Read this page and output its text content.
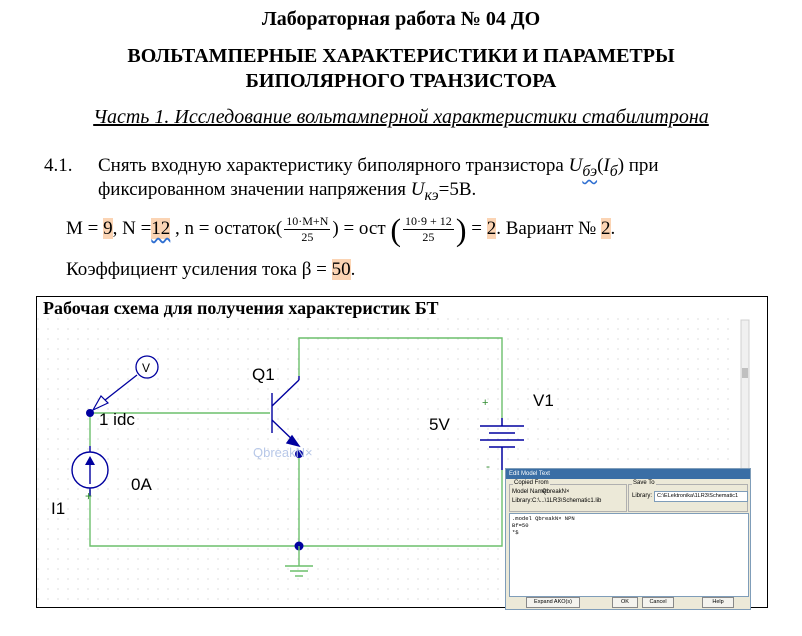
Лабораторная работа № 04 ДО
ВОЛЬТАМПЕРНЫЕ ХАРАКТЕРИСТИКИ И ПАРАМЕТРЫ
БИПОЛЯРНОГО ТРАНЗИСТОРА
Часть 1. Исследование вольтамперной характеристики стабилитрона
4.1. Снять входную характеристику биполярного транзистора $U_{бэ}(I_б)$ при
фиксированном значении напряжения $U_{кэ}=5В$.
M = 9, N =12 , n = остаток( $\frac{10\cdot M+N}{25}$ ) = ост ( $\frac{10\cdot 9 + 12}{25}$ ) = 2. Вариант № 2.
Коэффициент усиления тока β = 50.
Рабочая схема для получения характеристик БТ
Q1
V1
5V
V
1 idc
0A
I1
QbreakN×
+
-
+
Edit Model Text
Copied From
Model Name:
QbreakN×
Library: C:\...\1LR3\Schematic1.lib
Save To
Library: C:\ELektronika\1LR3\Schematic1
.model QbreakN× NPN
Bf=50
*$
Expand AKO(s)	OK	Cancel	Help
